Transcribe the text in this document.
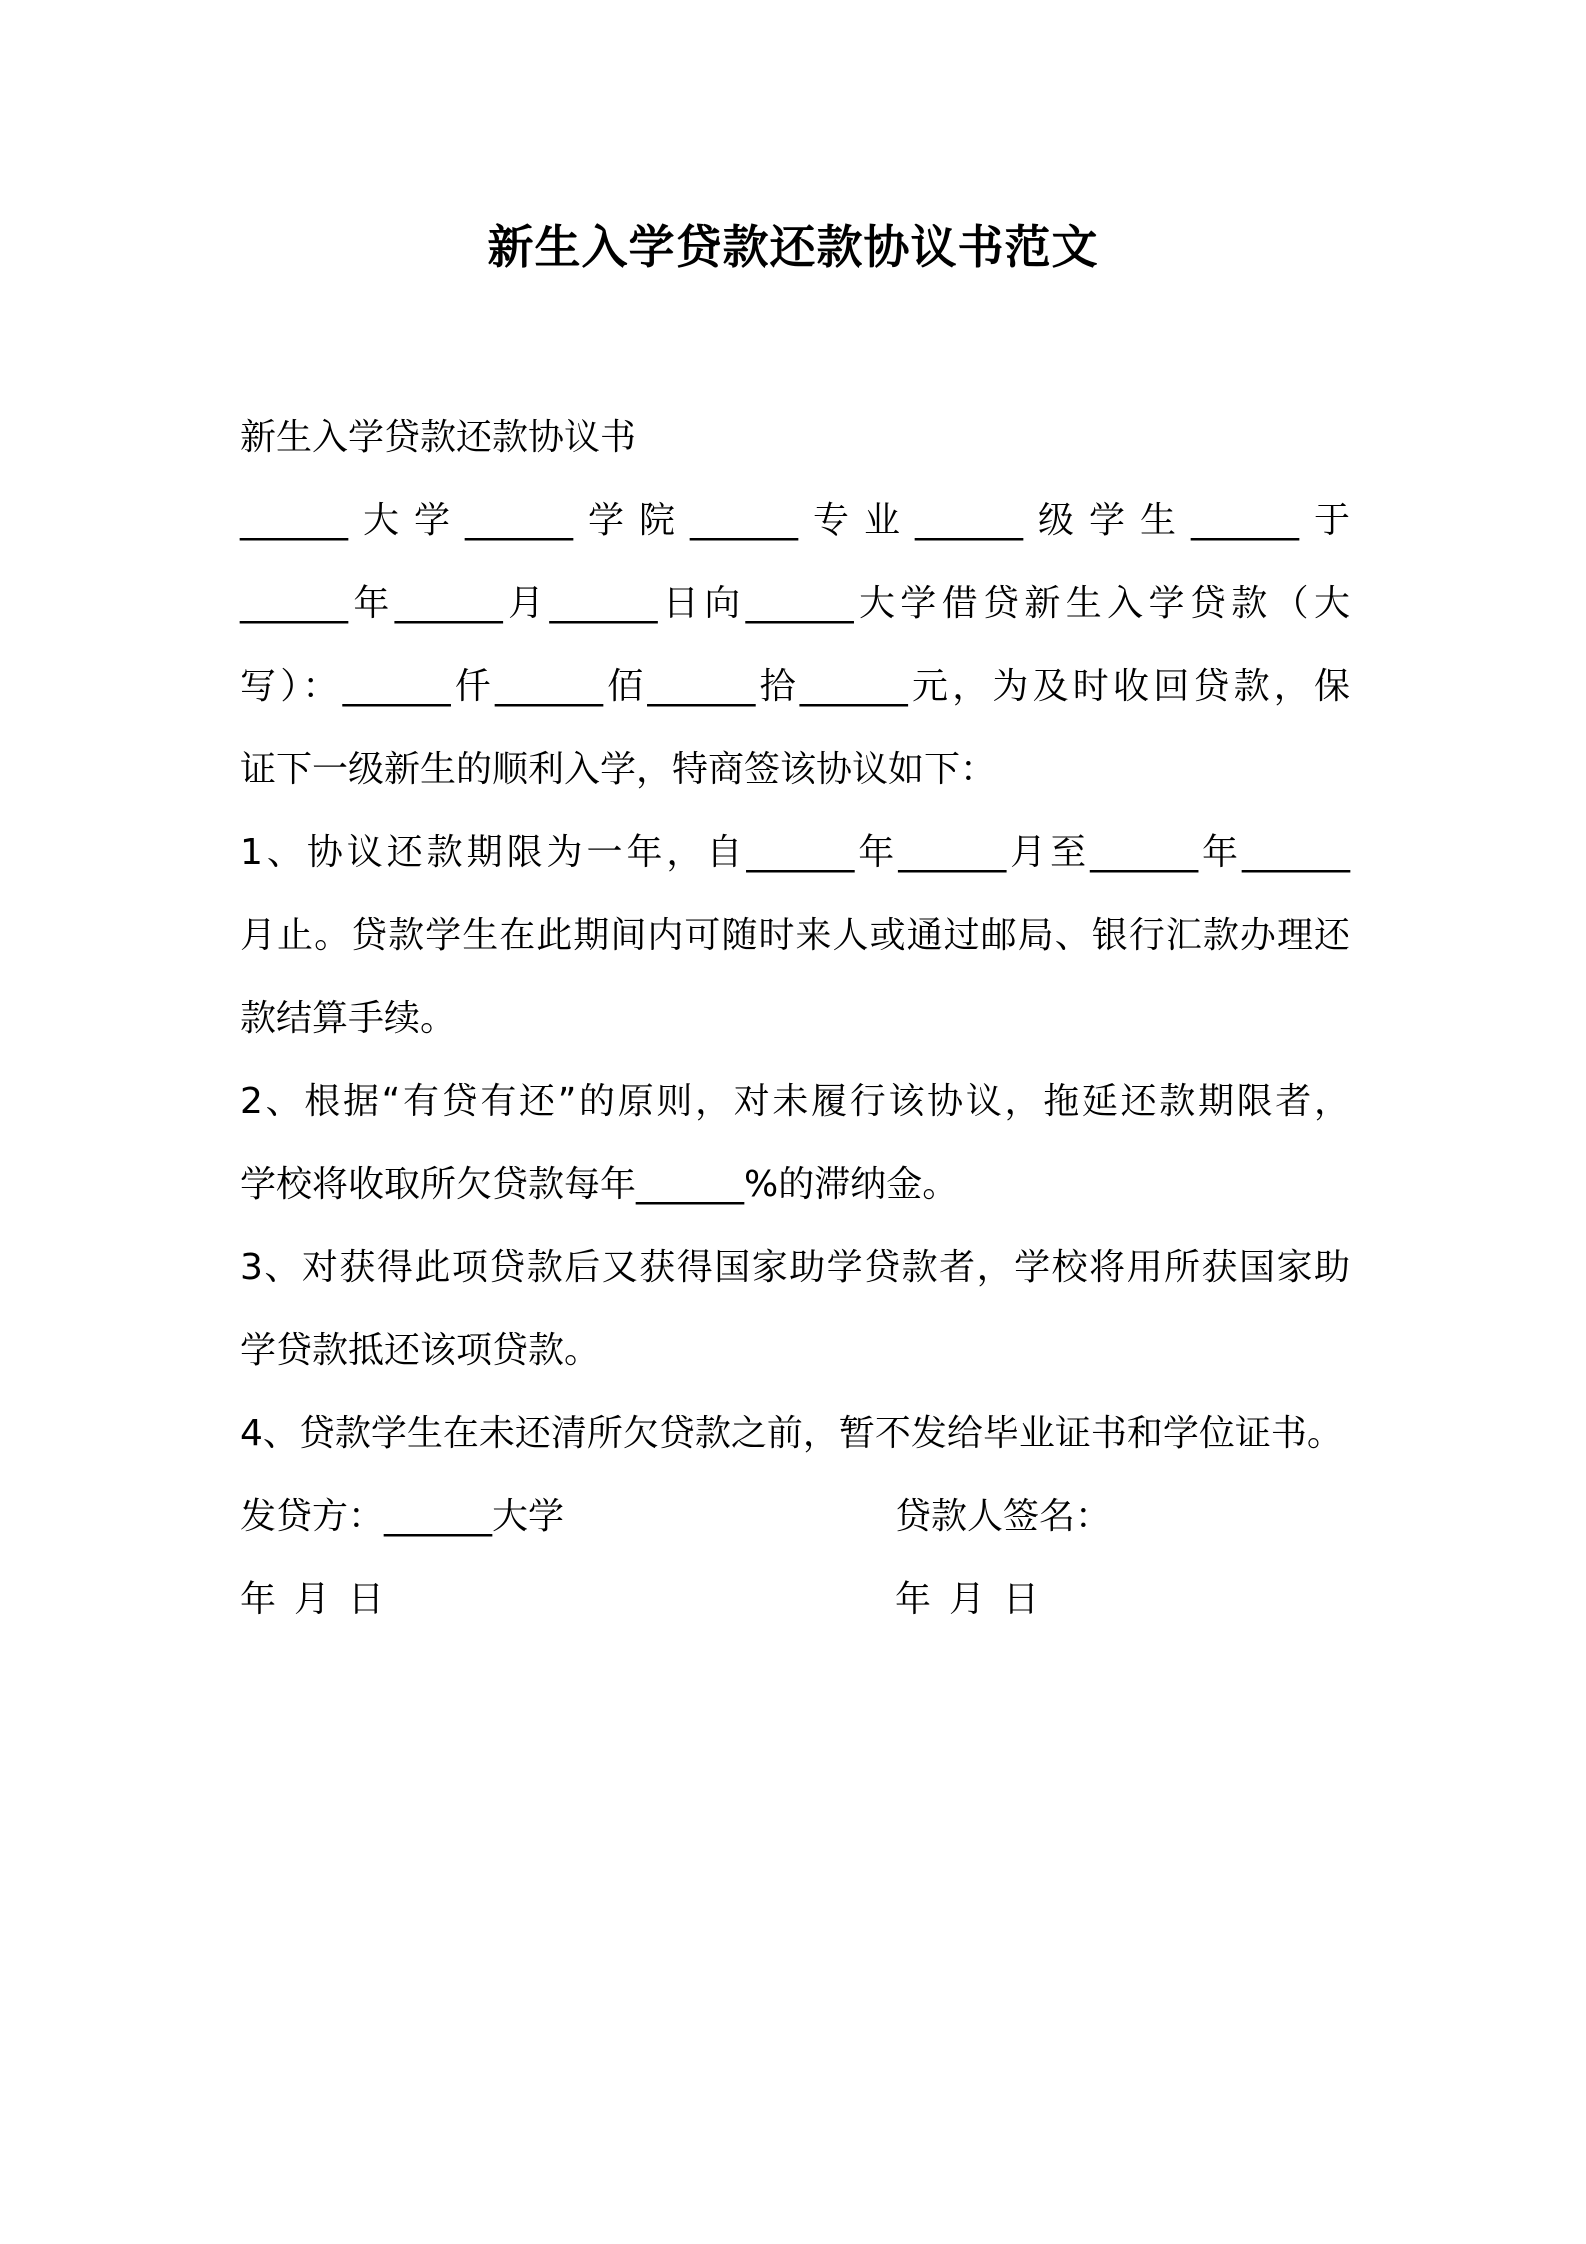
新生入学贷款还款协议书范文

新生入学贷款还款协议书

______大学______学院______专业______级学生______于

______年______月______日向______大学借贷新生入学贷款（大

写）：______仟______佰______拾______元，为及时收回贷款，保

证下一级新生的顺利入学，特商签该协议如下：

1、协议还款期限为一年，自______年______月至______年______

月止。贷款学生在此期间内可随时来人或通过邮局、银行汇款办理还

款结算手续。

2、根据“有贷有还”的原则，对未履行该协议，拖延还款期限者，

学校将收取所欠贷款每年______%的滞纳金。

3、对获得此项贷款后又获得国家助学贷款者，学校将用所获国家助

学贷款抵还该项贷款。

4、贷款学生在未还清所欠贷款之前，暂不发给毕业证书和学位证书。

发贷方：______大学	贷款人签名：

年 月 日	年 月 日
